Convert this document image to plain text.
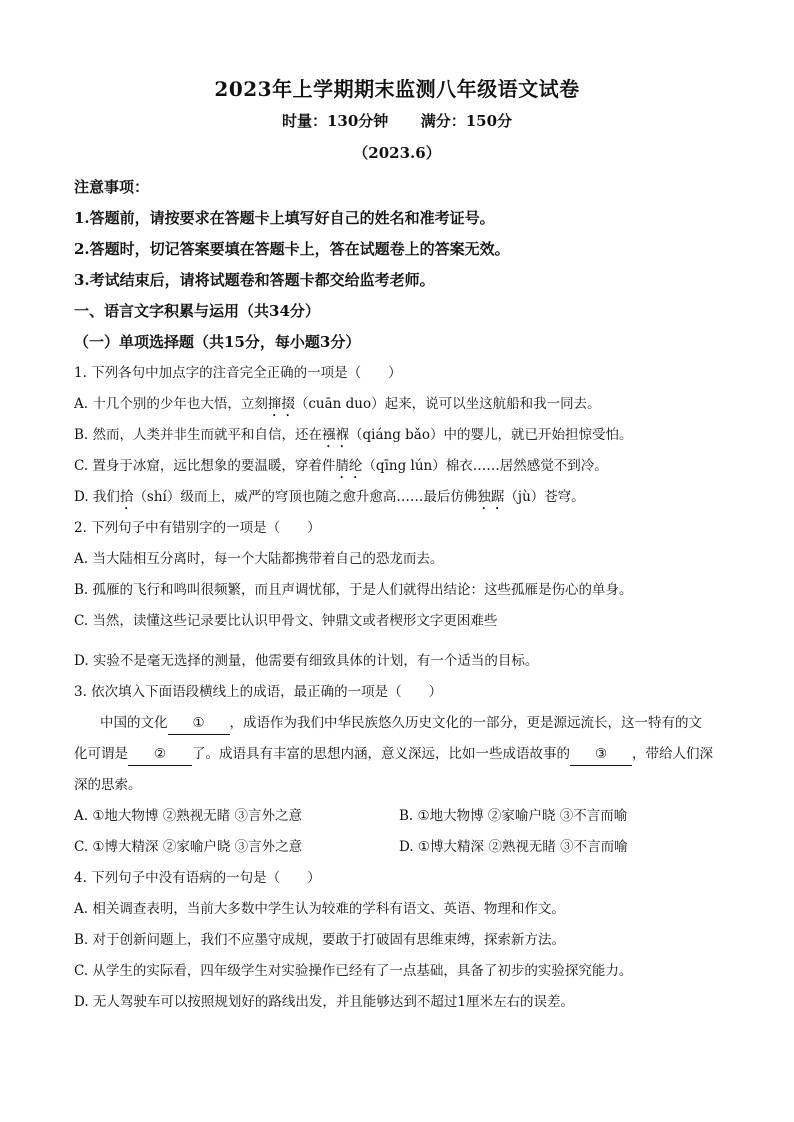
2023年上学期期末监测八年级语文试卷
时量：130分钟 满分：150分
（2023.6）
注意事项：
1.答题前，请按要求在答题卡上填写好自己的姓名和准考证号。
2.答题时，切记答案要填在答题卡上，答在试题卷上的答案无效。
3.考试结束后，请将试题卷和答题卡都交给监考老师。
一、语言文字积累与运用（共34分）
（一）单项选择题（共15分，每小题3分）
1. 下列各句中加点字的注音完全正确的一项是（　　）
A. 十几个别的少年也大悟，立刻撺掇（cuān duo）起来，说可以坐这航船和我一同去。
B. 然而，人类并非生而就平和自信，还在襁褓（qiáng bǎo）中的婴儿，就已开始担惊受怕。
C. 置身于冰窟，远比想象的要温暖，穿着件腈纶（qīng lún）棉衣……居然感觉不到冷。
D. 我们拾（shí）级而上，威严的穹顶也随之愈升愈高……最后仿佛独踞（jù）苍穹。
2. 下列句子中有错别字的一项是（　　）
A. 当大陆相互分离时，每一个大陆都携带着自己的恐龙而去。
B. 孤雁的飞行和鸣叫很频繁，而且声调忧郁，于是人们就得出结论：这些孤雁是伤心的单身。
C. 当然，读懂这些记录要比认识甲骨文、钟鼎文或者楔形文字更困难些
D. 实验不是毫无选择的测量，他需要有细致具体的计划，有一个适当的目标。
3. 依次填入下面语段横线上的成语，最正确的一项是（　　）
中国的文化 ① ，成语作为我们中华民族悠久历史文化的一部分，更是源远流长，这一特有的文
化可谓是 ② 了。成语具有丰富的思想内涵，意义深远，比如一些成语故事的 ③ ，带给人们深
深的思索。
A. ①地大物博 ②熟视无睹 ③言外之意	B. ①地大物博 ②家喻户晓 ③不言而喻
C. ①博大精深 ②家喻户晓 ③言外之意	D. ①博大精深 ②熟视无睹 ③不言而喻
4. 下列句子中没有语病的一句是（　　）
A. 相关调查表明，当前大多数中学生认为较难的学科有语文、英语、物理和作文。
B. 对于创新问题上，我们不应墨守成规，要敢于打破固有思维束缚，探索新方法。
C. 从学生的实际看，四年级学生对实验操作已经有了一点基础，具备了初步的实验探究能力。
D. 无人驾驶车可以按照规划好的路线出发，并且能够达到不超过1厘米左右的误差。
